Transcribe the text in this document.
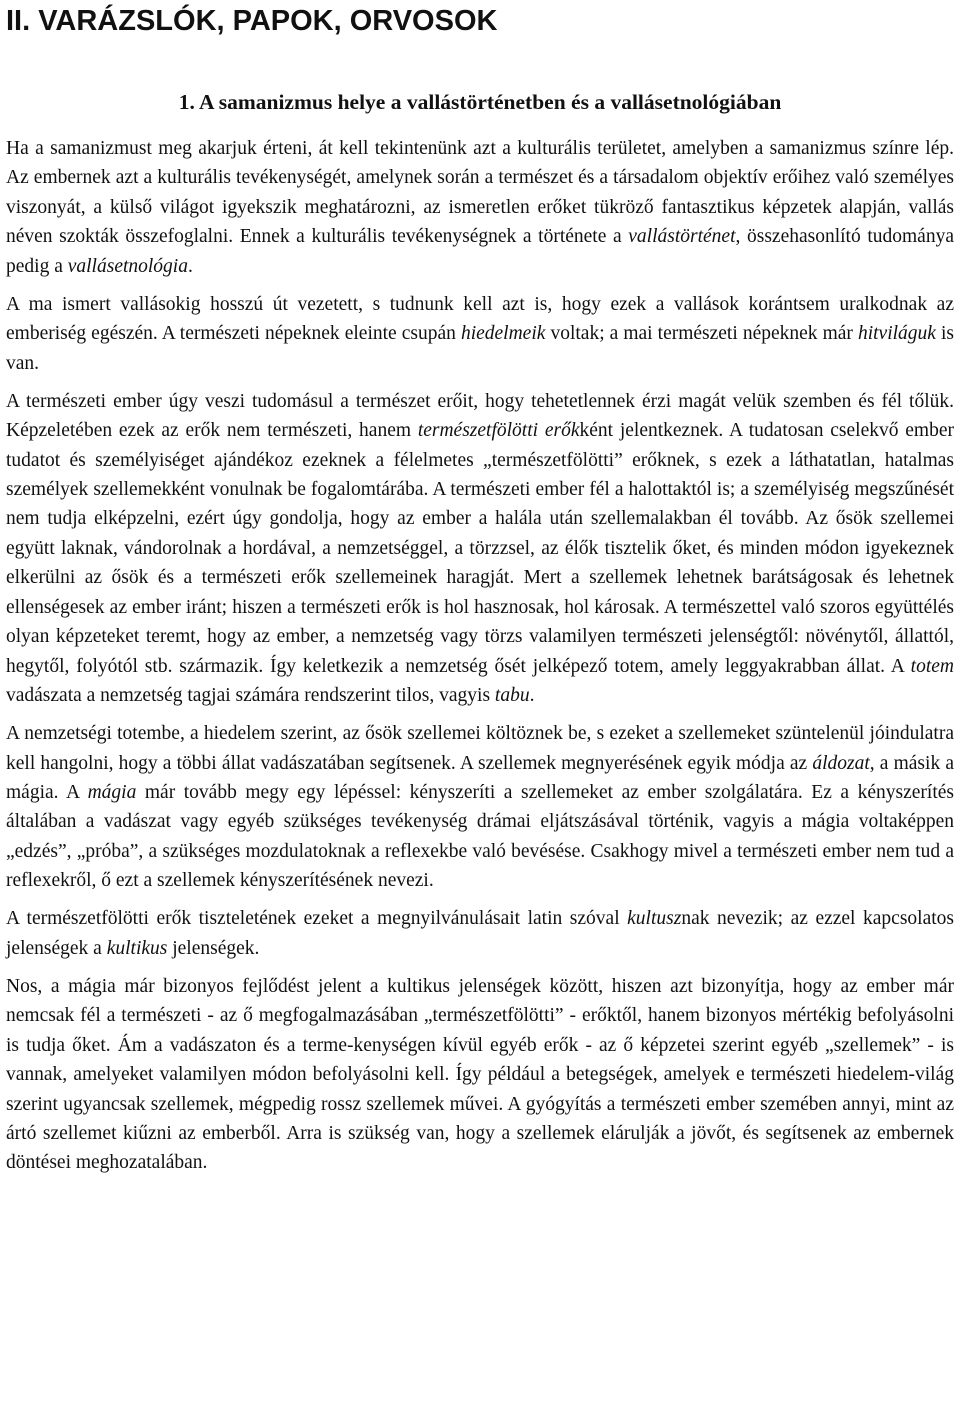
II. VARÁZSLÓK, PAPOK, ORVOSOK
1. A samanizmus helye a vallástörténetben és a vallásetnológiában

Ha a samanizmust meg akarjuk érteni, át kell tekintenünk azt a kulturális területet, amelyben a samanizmus színre lép. Az embernek azt a kulturális tevékenységét, amelynek során a természet és a társadalom objektív erőihez való személyes viszonyát, a külső világot igyekszik meghatározni, az ismeretlen erőket tükröző fantasztikus képzetek alapján, vallás néven szokták összefoglalni. Ennek a kulturális tevékenységnek a története a vallástörténet, összehasonlító tudománya pedig a vallásetnológia.

A ma ismert vallásokig hosszú út vezetett, s tudnunk kell azt is, hogy ezek a vallások korántsem uralkodnak az emberiség egészén. A természeti népeknek eleinte csupán hiedelmeik voltak; a mai természeti népeknek már hitviláguk is van.

A természeti ember úgy veszi tudomásul a természet erőit, hogy tehetetlennek érzi magát velük szemben és fél tőlük. Képzeletében ezek az erők nem természeti, hanem természetfölötti erőkként jelentkeznek. A tudatosan cselekvő ember tudatot és személyiséget ajándékoz ezeknek a félelmetes „természetfölötti” erőknek, s ezek a láthatatlan, hatalmas személyek szellemekként vonulnak be fogalomtárába. A természeti ember fél a halottaktól is; a személyiség megszűnését nem tudja elképzelni, ezért úgy gondolja, hogy az ember a halála után szellemalakban él tovább. Az ősök szellemei együtt laknak, vándorolnak a hordával, a nemzetséggel, a törzzsel, az élők tisztelik őket, és minden módon igyekeznek elkerülni az ősök és a természeti erők szellemeinek haragját. Mert a szellemek lehetnek barátságosak és lehetnek ellenségesek az ember iránt; hiszen a természeti erők is hol hasznosak, hol károsak. A természettel való szoros együttélés olyan képzeteket teremt, hogy az ember, a nemzetség vagy törzs valamilyen természeti jelenségtől: növénytől, állattól, hegytől, folyótól stb. származik. Így keletkezik a nemzetség ősét jelképező totem, amely leggyakrabban állat. A totem vadászata a nemzetség tagjai számára rendszerint tilos, vagyis tabu.

A nemzetségi totembe, a hiedelem szerint, az ősök szellemei költöznek be, s ezeket a szellemeket szüntelenül jóindulatra kell hangolni, hogy a többi állat vadászatában segítsenek. A szellemek megnyerésének egyik módja az áldozat, a másik a mágia. A mágia már tovább megy egy lépéssel: kényszeríti a szellemeket az ember szolgálatára. Ez a kényszerítés általában a vadászat vagy egyéb szükséges tevékenység drámai eljátszásával történik, vagyis a mágia voltaképpen „edzés”, „próba”, a szükséges mozdulatoknak a reflexekbe való bevésése. Csakhogy mivel a természeti ember nem tud a reflexekről, ő ezt a szellemek kényszerítésének nevezi.

A természetfölötti erők tiszteletének ezeket a megnyilvánulásait latin szóval kultusznak nevezik; az ezzel kapcsolatos jelenségek a kultikus jelenségek.

Nos, a mágia már bizonyos fejlődést jelent a kultikus jelenségek között, hiszen azt bizonyítja, hogy az ember már nemcsak fél a természeti - az ő megfogalmazásában „természetfölötti” - erőktől, hanem bizonyos mértékig befolyásolni is tudja őket. Ám a vadászaton és a terme-kenységen kívül egyéb erők - az ő képzetei szerint egyéb „szellemek” - is vannak, amelyeket valamilyen módon befolyásolni kell. Így például a betegségek, amelyek e természeti hiedelem-világ szerint ugyancsak szellemek, mégpedig rossz szellemek művei. A gyógyítás a természeti ember szemében annyi, mint az ártó szellemet kiűzni az emberből. Arra is szükség van, hogy a szellemek elárulják a jövőt, és segítsenek az embernek döntései meghozatalában.
